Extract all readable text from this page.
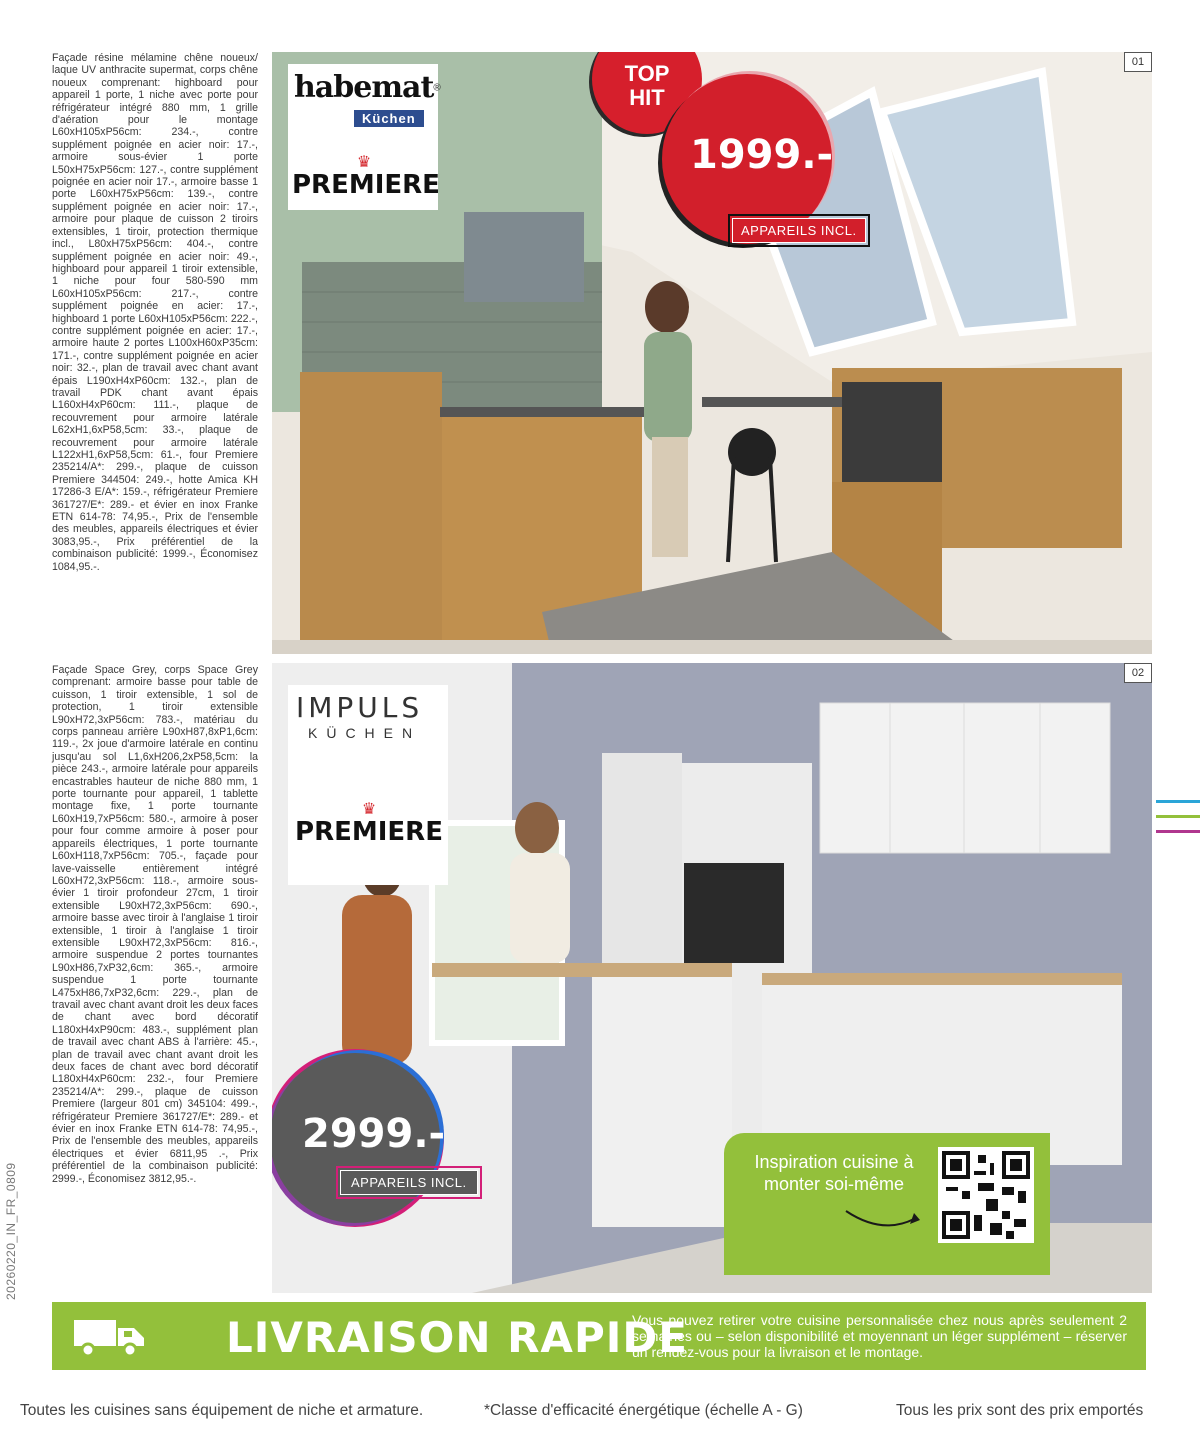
Façade résine mélamine chêne noueux/ laque UV anthracite supermat, corps chêne noueux comprenant: highboard pour appareil 1 porte, 1 niche avec porte pour réfrigérateur intégré 880 mm, 1 grille d'aération pour le montage L60xH105xP56cm: 234.-, contre supplément poignée en acier noir: 17.-, armoire sous-évier 1 porte L50xH75xP56cm: 127.-, contre supplément poignée en acier noir 17.-, armoire basse 1 porte L60xH75xP56cm: 139.-, contre supplément poignée en acier noir: 17.-, armoire pour plaque de cuisson 2 tiroirs extensibles, 1 tiroir, protection thermique incl., L80xH75xP56cm: 404.-, contre supplément poignée en acier noir: 49.-, highboard pour appareil 1 tiroir extensible, 1 niche pour four 580-590 mm L60xH105xP56cm: 217.-, contre supplément poignée en acier: 17.-, highboard 1 porte L60xH105xP56cm: 222.-, contre supplément poignée en acier: 17.-, armoire haute 2 portes L100xH60xP35cm: 171.-, contre supplément poignée en acier noir: 32.-, plan de travail avec chant avant épais L190xH4xP60cm: 132.-, plan de travail PDK chant avant épais L160xH4xP60cm: 111.-, plaque de recouvrement pour armoire latérale L62xH1,6xP58,5cm: 33.-, plaque de recouvrement pour armoire latérale L122xH1,6xP58,5cm: 61.-, four Premiere 235214/A*: 299.-, plaque de cuisson Premiere 344504: 249.-, hotte Amica KH 17286-3 E/A*: 159.-, réfrigérateur Premiere 361727/E*: 289.- et évier en inox Franke ETN 614-78: 74,95.-, Prix de l'ensemble des meubles, appareils électriques et évier 3083,95.-, Prix préférentiel de la combinaison publicité: 1999.-, Économisez 1084,95.-.
Façade Space Grey, corps Space Grey comprenant: armoire basse pour table de cuisson, 1 tiroir extensible, 1 sol de protection, 1 tiroir extensible L90xH72,3xP56cm: 783.-, matériau du corps panneau arrière L90xH87,8xP1,6cm: 119.-, 2x joue d'armoire latérale en continu jusqu'au sol L1,6xH206,2xP58,5cm: la pièce 243.-, armoire latérale pour appareils encastrables hauteur de niche 880 mm, 1 porte tournante pour appareil, 1 tablette montage fixe, 1 porte tournante L60xH19,7xP56cm: 580.-, armoire à poser pour four comme armoire à poser pour appareils électriques, 1 porte tournante L60xH118,7xP56cm: 705.-, façade pour lave-vaisselle entièrement intégré L60xH72,3xP56cm: 118.-, armoire sous-évier 1 tiroir profondeur 27cm, 1 tiroir extensible L90xH72,3xP56cm: 690.-, armoire basse avec tiroir à l'anglaise 1 tiroir extensible, 1 tiroir à l'anglaise 1 tiroir extensible L90xH72,3xP56cm: 816.-, armoire suspendue 2 portes tournantes L90xH86,7xP32,6cm: 365.-, armoire suspendue 1 porte tournante L475xH86,7xP32,6cm: 229.-, plan de travail avec chant avant droit les deux faces de chant avec bord décoratif L180xH4xP90cm: 483.-, supplément plan de travail avec chant ABS à l'arrière: 45.-, plan de travail avec chant avant droit les deux faces de chant avec bord décoratif L180xH4xP60cm: 232.-, four Premiere 235214/A*: 299.-, plaque de cuisson Premiere (largeur 801 cm) 345104: 499.-, réfrigérateur Premiere 361727/E*: 289.- et évier en inox Franke ETN 614-78: 74,95.-, Prix de l'ensemble des meubles, appareils électriques et évier 6811,95 .-, Prix préférentiel de la combinaison publicité: 2999.-, Économisez 3812,95.-.
20260220_IN_FR_0809
01
habemat®
Küchen
♛
PREMIERE
TOP
HIT
1999.-
APPAREILS INCL.
02
IMPULS
KÜCHEN
♛
PREMIERE
2999.-
APPAREILS INCL.
Inspiration cuisine à monter soi-même
LIVRAISON RAPIDE
Vous pouvez retirer votre cuisine personnalisée chez nous après seulement 2 semaines ou – selon disponibilité et moyennant un léger supplément – réserver un rendez-vous pour la livraison et le montage.
Toutes les cuisines sans équipement de niche et armature.	*Classe d'efficacité énergétique (échelle A - G)	Tous les prix sont des prix emportés
